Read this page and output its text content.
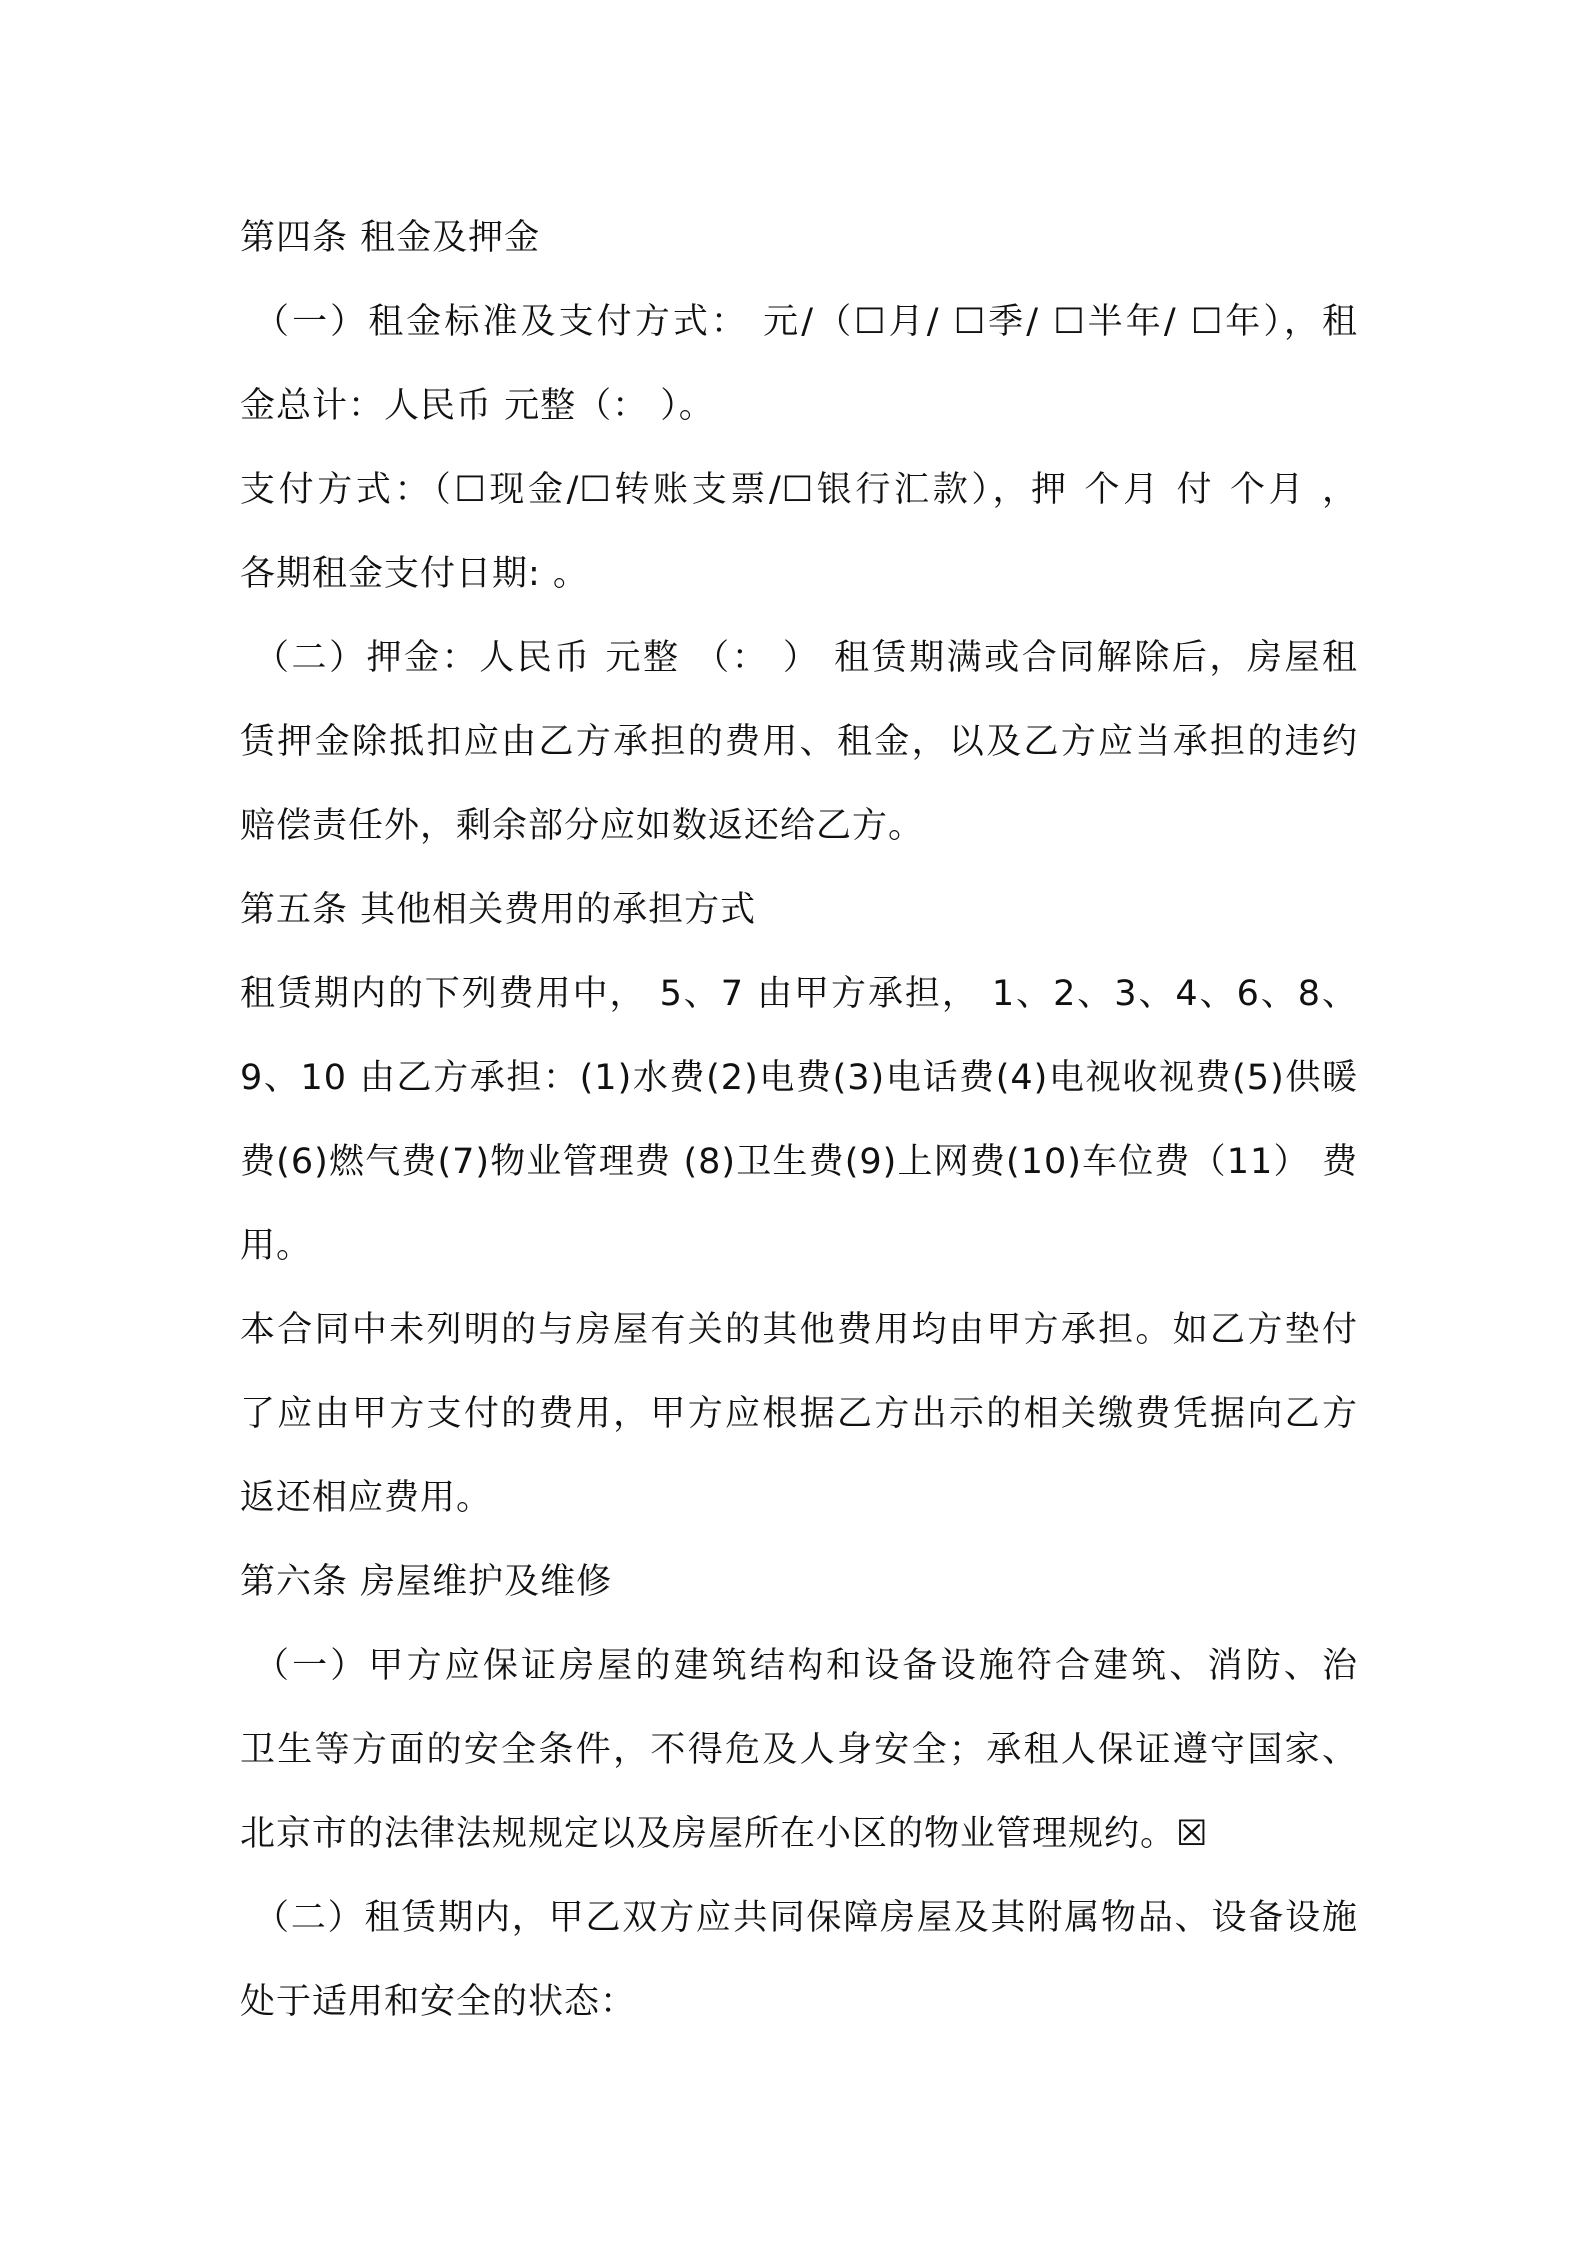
第四条 租金及押金
（一）租金标准及支付方式： 元/（☐月/ ☐季/ ☐半年/ ☐年），租
金总计：人民币 元整（： ）。
支付方式：（☐现金/☐转账支票/☐银行汇款），押 个月 付 个月 ，
各期租金支付日期: 。
（二）押金：人民币 元整 （： ） 租赁期满或合同解除后，房屋租
赁押金除抵扣应由乙方承担的费用、租金，以及乙方应当承担的违约
赔偿责任外，剩余部分应如数返还给乙方。
第五条 其他相关费用的承担方式
租赁期内的下列费用中， 5、7 由甲方承担， 1、2、3、4、6、8、
9、10 由乙方承担：(1)水费(2)电费(3)电话费(4)电视收视费(5)供暖
费(6)燃气费(7)物业管理费 (8)卫生费(9)上网费(10)车位费（11） 费
用。
本合同中未列明的与房屋有关的其他费用均由甲方承担。如乙方垫付
了应由甲方支付的费用，甲方应根据乙方出示的相关缴费凭据向乙方
返还相应费用。
第六条 房屋维护及维修
（一）甲方应保证房屋的建筑结构和设备设施符合建筑、消防、治
卫生等方面的安全条件，不得危及人身安全；承租人保证遵守国家、
北京市的法律法规规定以及房屋所在小区的物业管理规约。☒
（二）租赁期内，甲乙双方应共同保障房屋及其附属物品、设备设施
处于适用和安全的状态：
